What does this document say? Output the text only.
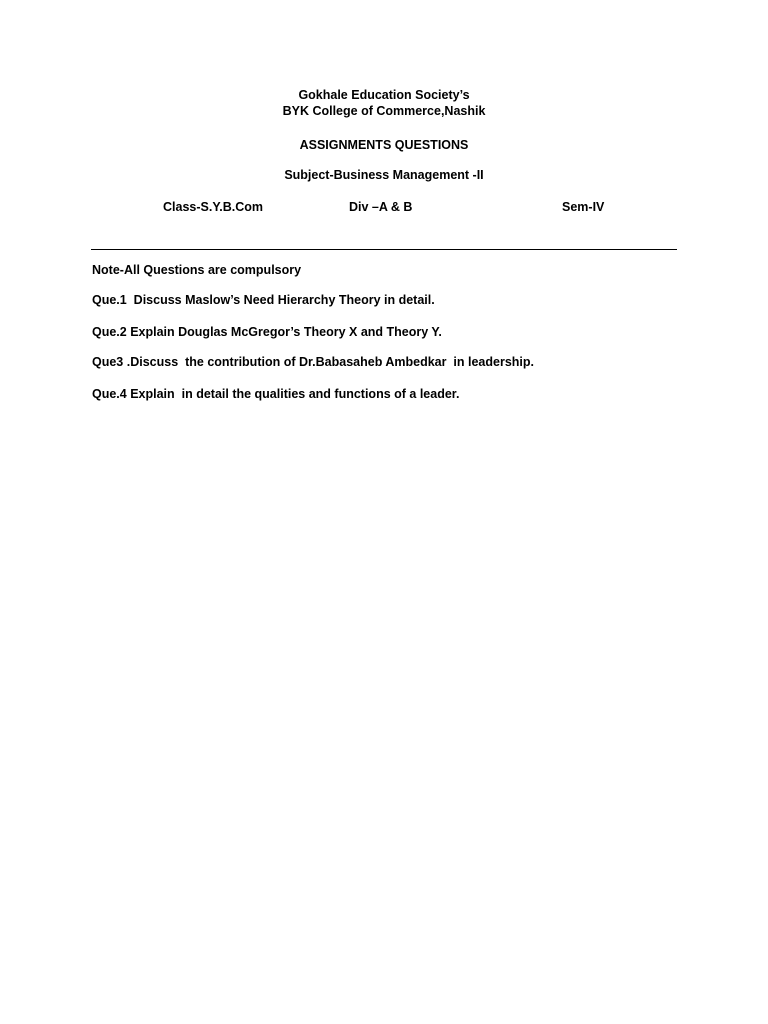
Gokhale Education Society’s
BYK College of Commerce,Nashik
ASSIGNMENTS QUESTIONS
Subject-Business Management -II
Class-S.Y.B.Com	Div –A & B	Sem-IV
Note-All Questions are compulsory
Que.1  Discuss Maslow’s Need Hierarchy Theory in detail.
Que.2 Explain Douglas McGregor’s Theory X and Theory Y.
Que3 .Discuss  the contribution of Dr.Babasaheb Ambedkar  in leadership.
Que.4 Explain  in detail the qualities and functions of a leader.
